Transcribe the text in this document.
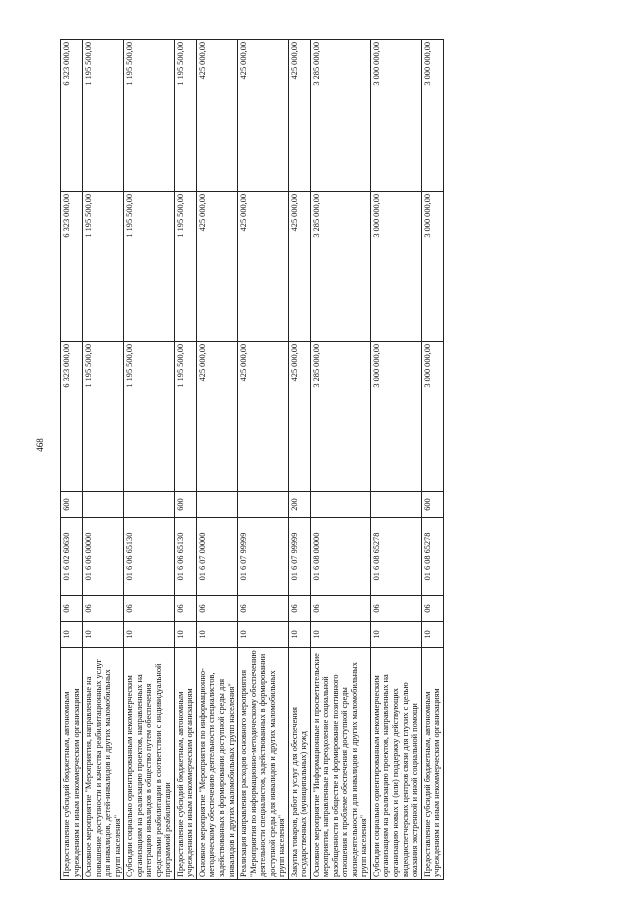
468
Предоставление субсидий бюджетным, автономным учреждениям и иным некоммерческим организациям	10	06	01 6 02 60630	600	6 323 000,00	6 323 000,00	6 323 000,00
Основное мероприятие "Мероприятия, направленные на повышение доступности и качества реабилитационных услуг для инвалидов, детей-инвалидов и других маломобильных групп населения"	10	06	01 6 06 00000		1 195 500,00	1 195 500,00	1 195 500,00
Субсидии социально ориентированным некоммерческим организациям на реализацию проектов, направленных на интеграцию инвалидов в общество путем обеспечения средствами реабилитации в соответствии с индивидуальной программой реабилитации	10	06	01 6 06 65130		1 195 500,00	1 195 500,00	1 195 500,00
Предоставление субсидий бюджетным, автономным учреждениям и иным некоммерческим организациям	10	06	01 6 06 65130	600	1 195 500,00	1 195 500,00	1 195 500,00
Основное мероприятие "Мероприятия по информационно-методическому обеспечению деятельности специалистов, задействованных в формировании доступной среды для инвалидов и других маломобильных групп населения"	10	06	01 6 07 00000		425 000,00	425 000,00	425 000,00
Реализация направления расходов основного мероприятия "Мероприятия по информационно-методическому обеспечению деятельности специалистов, задействованных в формировании доступной среды для инвалидов и других маломобильных групп населения"	10	06	01 6 07 99999		425 000,00	425 000,00	425 000,00
Закупка товаров, работ и услуг для обеспечения государственных (муниципальных) нужд	10	06	01 6 07 99999	200	425 000,00	425 000,00	425 000,00
Основное мероприятие "Информационные и просветительские мероприятия, направленные на преодоление социальной разобщенности в обществе и формирование позитивного отношения к проблеме обеспечения доступной среды жизнедеятельности для инвалидов и других маломобильных групп населения"	10	06	01 6 08 00000		3 285 000,00	3 285 000,00	3 285 000,00
Субсидии социально ориентированным некоммерческим организациям на реализацию проектов, направленных на организацию новых и (или) поддержку действующих видеодиспетчерских центров связи для глухих с целью оказания экстренной и иной социальной помощи	10	06	01 6 08 65278		3 000 000,00	3 000 000,00	3 000 000,00
Предоставление субсидий бюджетным, автономным учреждениям и иным некоммерческим организациям	10	06	01 6 08 65278	600	3 000 000,00	3 000 000,00	3 000 000,00
